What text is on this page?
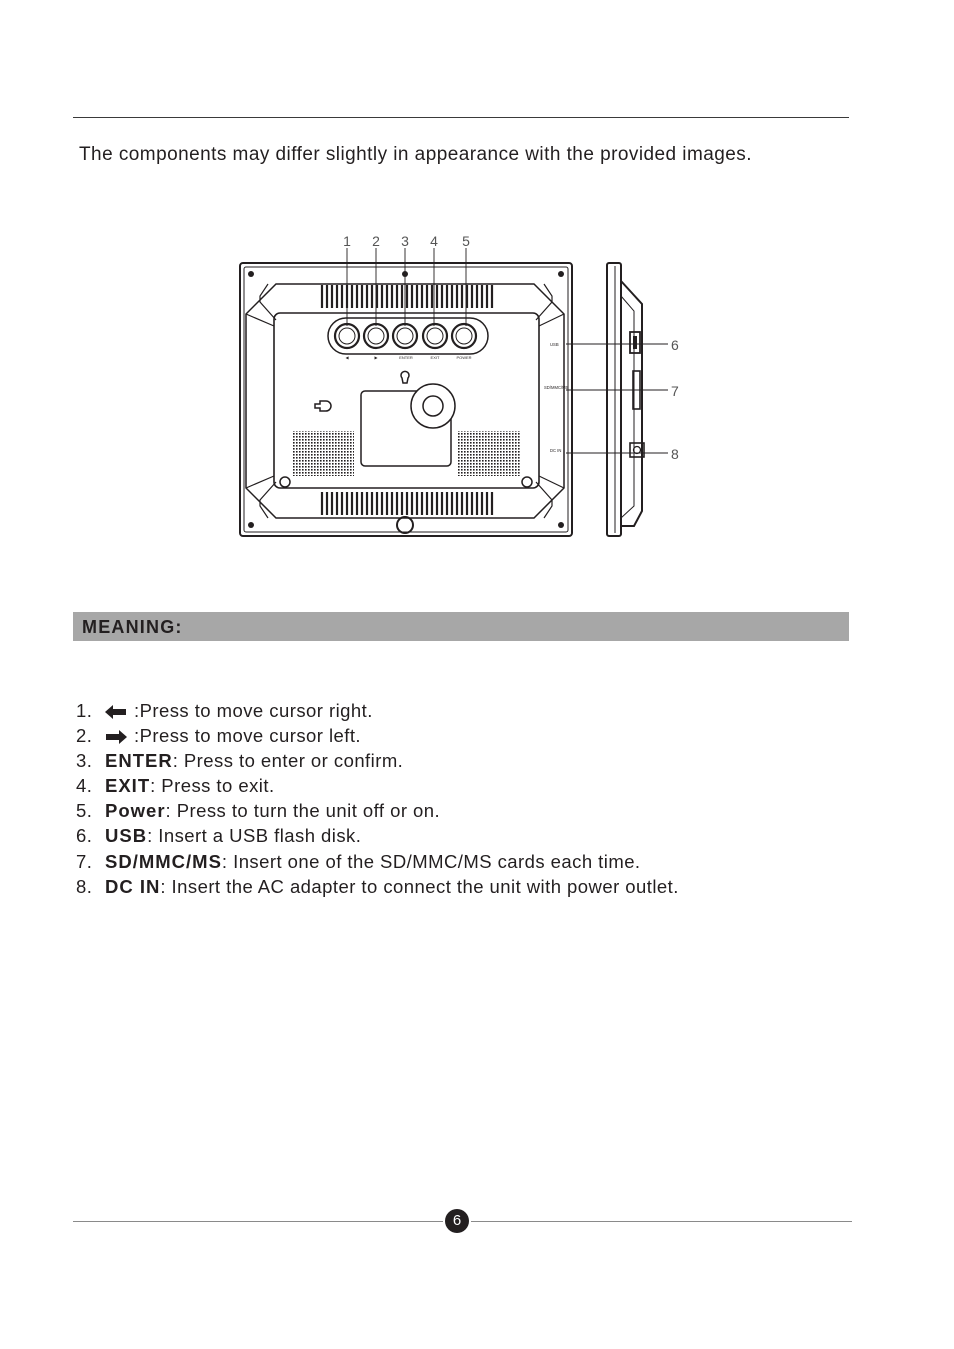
The components may differ slightly in appearance with the provided images.

◀	▶	ENTER	EXIT	POWER
1 2 3 4 5
USB
SD/MMC/MS
DC IN
6
7
8
MEANING:
1. :Press to move cursor right.
2. :Press to move cursor left.
3. ENTER: Press to enter or confirm.
4. EXIT: Press to exit.
5. Power: Press to turn the unit off or on.
6. USB: Insert a USB flash disk.
7. SD/MMC/MS: Insert one of the SD/MMC/MS cards each time.
8. DC IN: Insert the AC adapter to connect the unit with power outlet.
6
